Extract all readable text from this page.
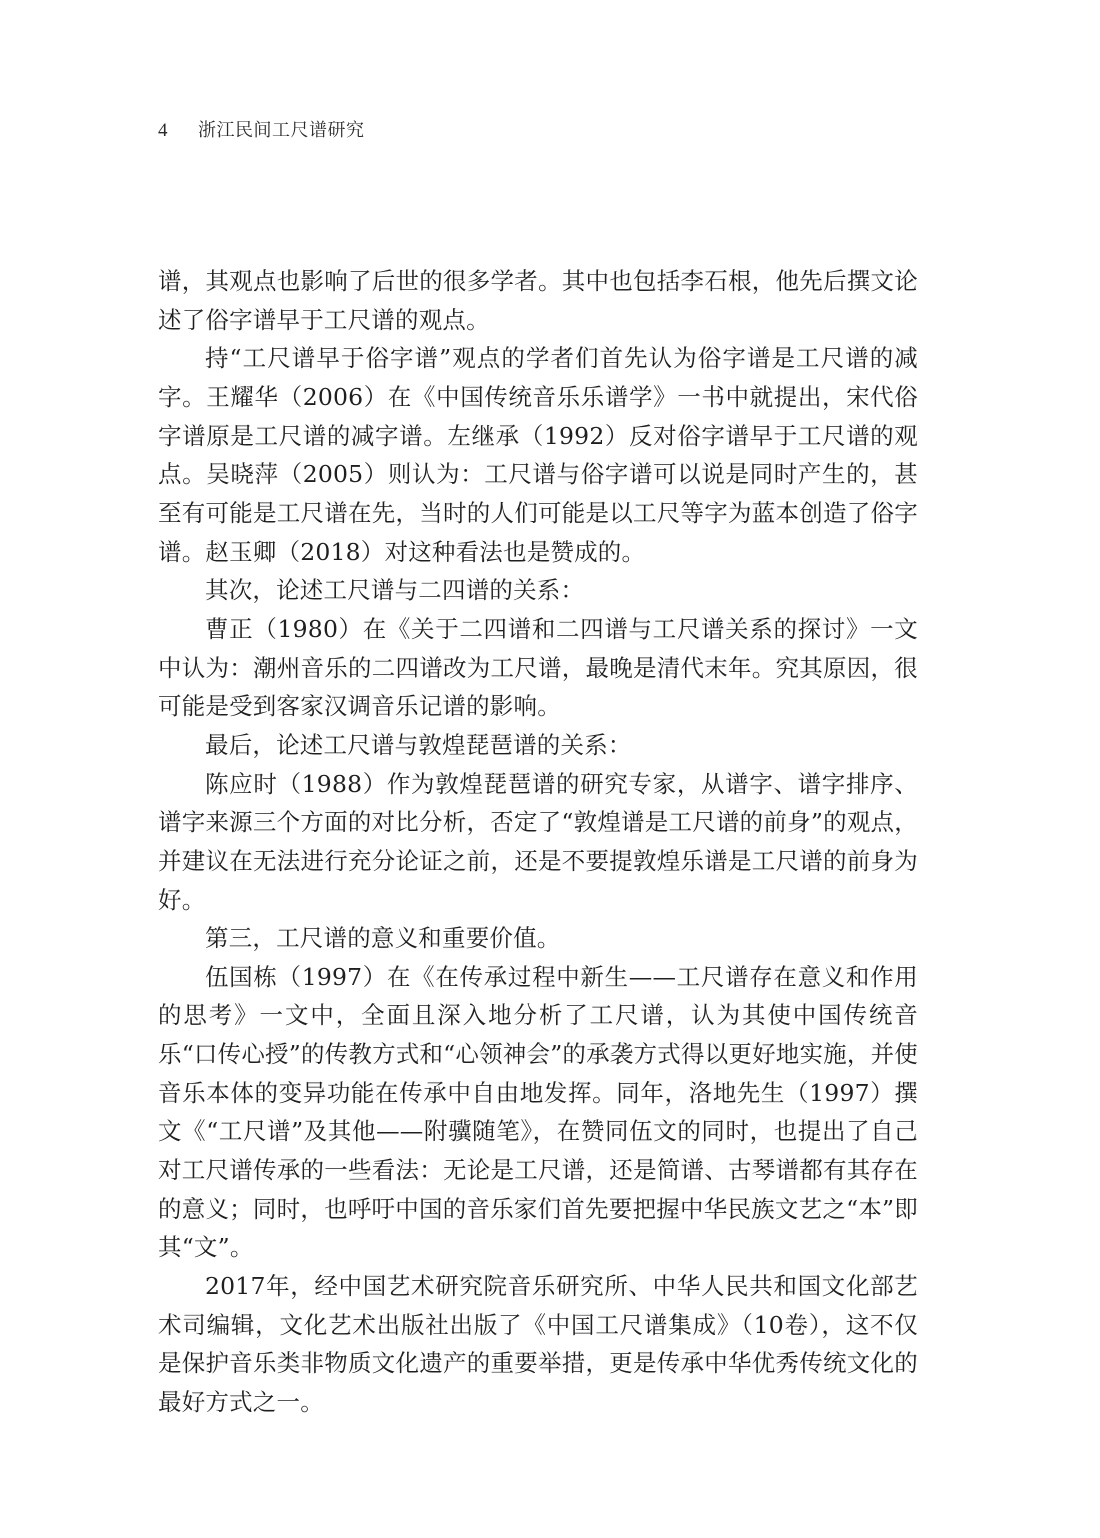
4	浙江民间工尺谱研究

谱，其观点也影响了后世的很多学者。其中也包括李石根，他先后撰文论述了俗字谱早于工尺谱的观点。

持“工尺谱早于俗字谱”观点的学者们首先认为俗字谱是工尺谱的减字。王耀华（2006）在《中国传统音乐乐谱学》一书中就提出，宋代俗字谱原是工尺谱的减字谱。左继承（1992）反对俗字谱早于工尺谱的观点。吴晓萍（2005）则认为：工尺谱与俗字谱可以说是同时产生的，甚至有可能是工尺谱在先，当时的人们可能是以工尺等字为蓝本创造了俗字谱。赵玉卿（2018）对这种看法也是赞成的。

其次，论述工尺谱与二四谱的关系：

曹正（1980）在《关于二四谱和二四谱与工尺谱关系的探讨》一文中认为：潮州音乐的二四谱改为工尺谱，最晚是清代末年。究其原因，很可能是受到客家汉调音乐记谱的影响。

最后，论述工尺谱与敦煌琵琶谱的关系：

陈应时（1988）作为敦煌琵琶谱的研究专家，从谱字、谱字排序、谱字来源三个方面的对比分析，否定了“敦煌谱是工尺谱的前身”的观点，并建议在无法进行充分论证之前，还是不要提敦煌乐谱是工尺谱的前身为好。

第三，工尺谱的意义和重要价值。

伍国栋（1997）在《在传承过程中新生——工尺谱存在意义和作用的思考》一文中，全面且深入地分析了工尺谱，认为其使中国传统音乐“口传心授”的传教方式和“心领神会”的承袭方式得以更好地实施，并使音乐本体的变异功能在传承中自由地发挥。同年，洛地先生（1997）撰文《“工尺谱”及其他——附骥随笔》，在赞同伍文的同时，也提出了自己对工尺谱传承的一些看法：无论是工尺谱，还是简谱、古琴谱都有其存在的意义；同时，也呼吁中国的音乐家们首先要把握中华民族文艺之“本”即其“文”。

2017年，经中国艺术研究院音乐研究所、中华人民共和国文化部艺术司编辑，文化艺术出版社出版了《中国工尺谱集成》（10卷），这不仅是保护音乐类非物质文化遗产的重要举措，更是传承中华优秀传统文化的最好方式之一。
